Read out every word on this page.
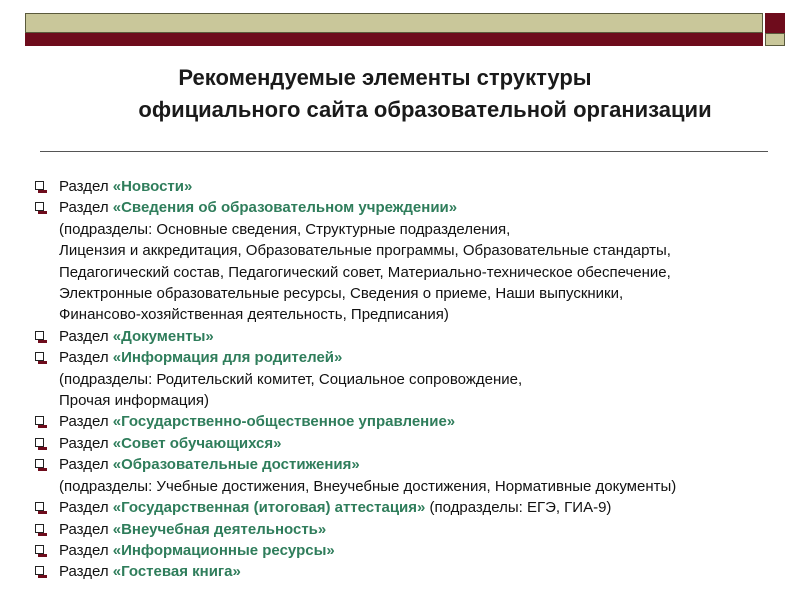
Рекомендуемые элементы структуры
официального сайта образовательной организации
Раздел «Новости»
Раздел «Сведения об образовательном учреждении»
(подразделы: Основные сведения, Структурные подразделения,
Лицензия и аккредитация, Образовательные программы, Образовательные стандарты,
Педагогический состав, Педагогический совет, Материально-техническое обеспечение,
Электронные образовательные ресурсы, Сведения о приеме, Наши выпускники,
Финансово-хозяйственная деятельность, Предписания)
Раздел «Документы»
Раздел «Информация для родителей»
(подразделы: Родительский комитет, Социальное сопровождение,
Прочая информация)
Раздел «Государственно-общественное управление»
Раздел «Совет обучающихся»
Раздел «Образовательные достижения»
(подразделы: Учебные достижения, Внеучебные достижения, Нормативные документы)
Раздел «Государственная (итоговая) аттестация» (подразделы: ЕГЭ, ГИА-9)
Раздел «Внеучебная деятельность»
Раздел «Информационные ресурсы»
Раздел «Гостевая книга»
